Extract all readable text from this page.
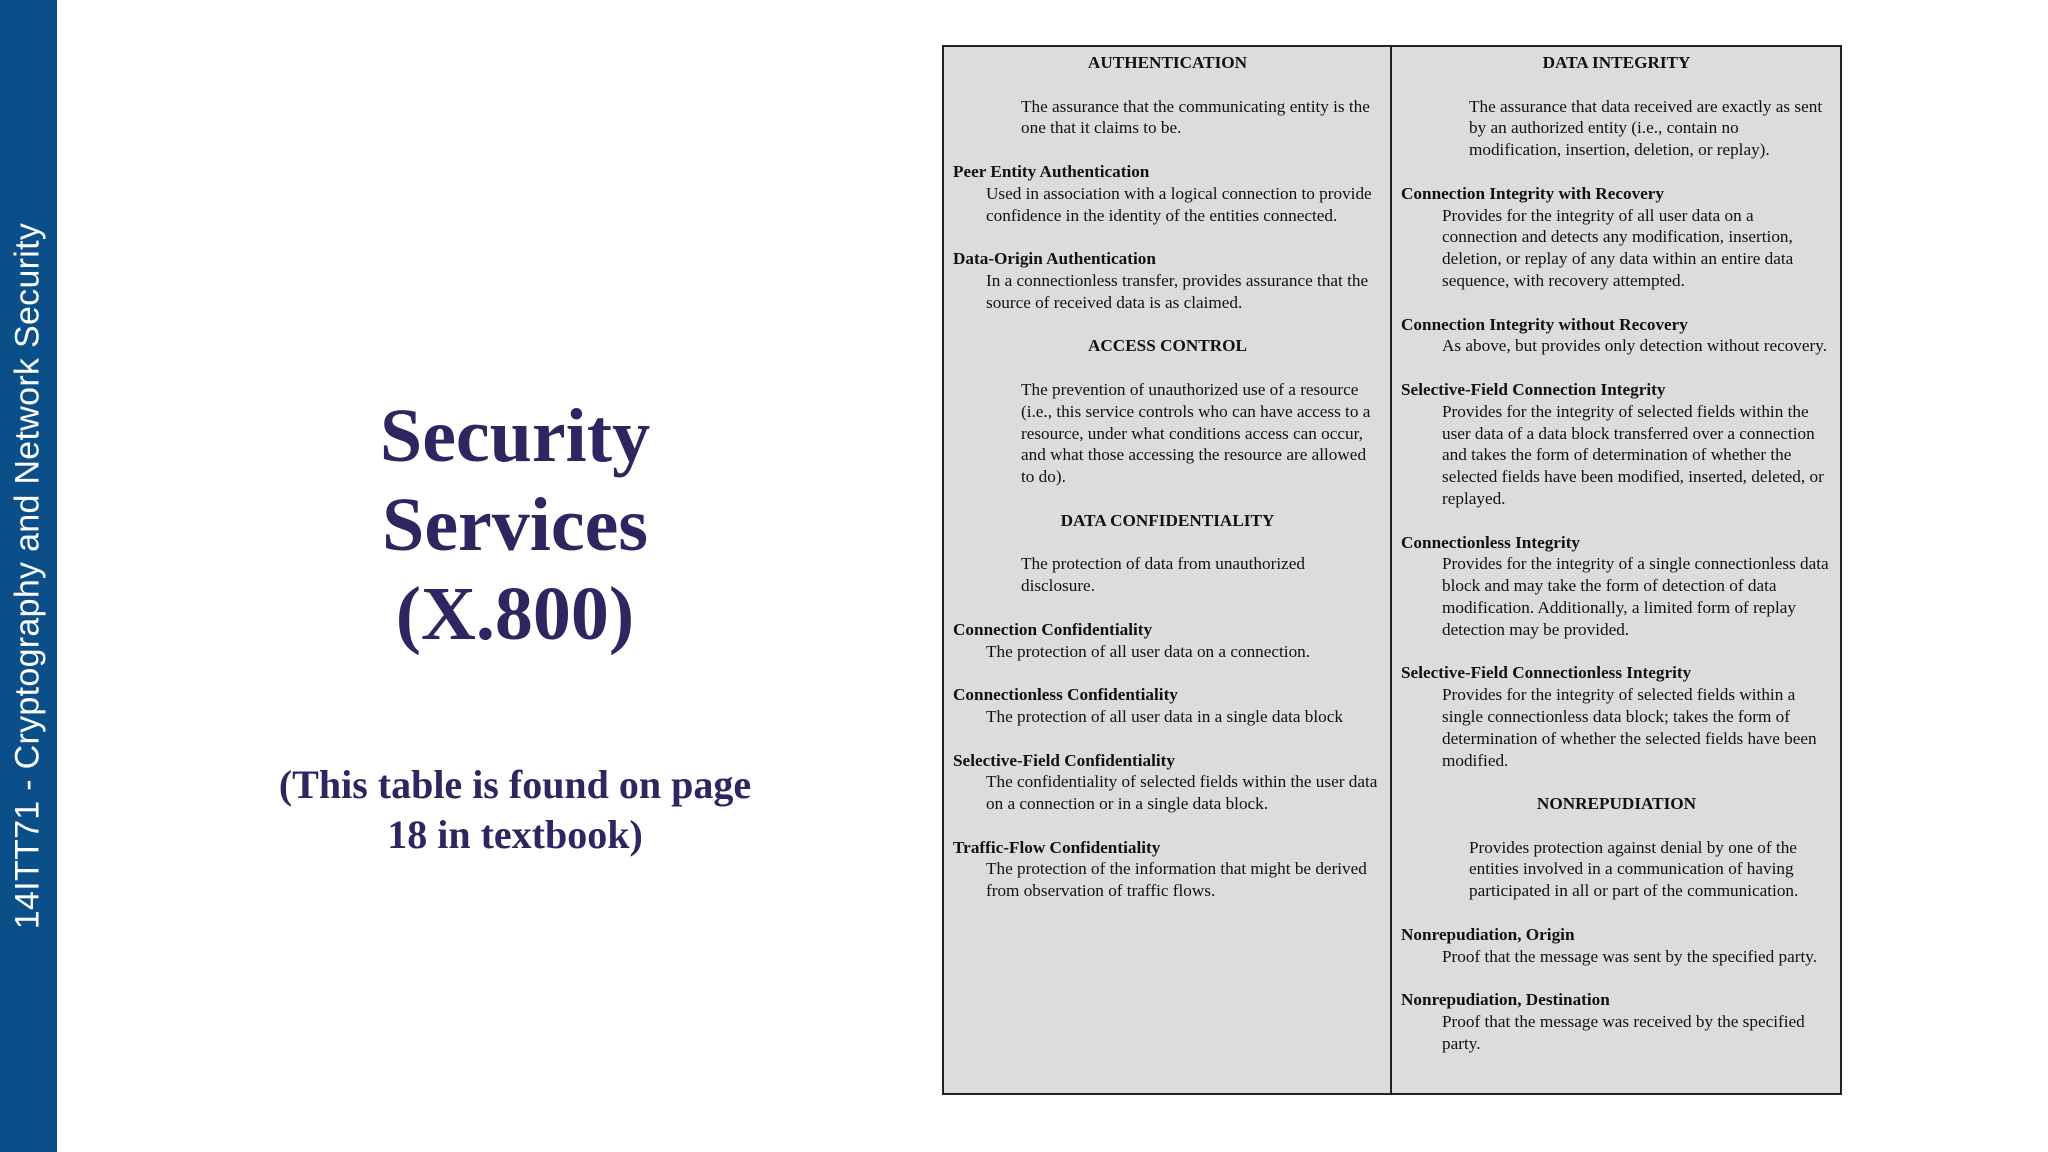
14ITT71 - Cryptography and Network Security	Security
Services
(X.800)
(This table is found on page
18 in textbook)
AUTHENTICATION
The assurance that the communicating entity is the one that it claims to be.
Peer Entity Authentication
Used in association with a logical connection to provide confidence in the identity of the entities connected.
Data-Origin Authentication
In a connectionless transfer, provides assurance that the source of received data is as claimed.
ACCESS CONTROL
The prevention of unauthorized use of a resource (i.e., this service controls who can have access to a resource, under what conditions access can occur, and what those accessing the resource are allowed to do).
DATA CONFIDENTIALITY
The protection of data from unauthorized disclosure.
Connection Confidentiality
The protection of all user data on a connection.
Connectionless Confidentiality
The protection of all user data in a single data block
Selective-Field Confidentiality
The confidentiality of selected fields within the user data on a connection or in a single data block.
Traffic-Flow Confidentiality
The protection of the information that might be derived from observation of traffic flows.
DATA INTEGRITY
The assurance that data received are exactly as sent by an authorized entity (i.e., contain no modification, insertion, deletion, or replay).
Connection Integrity with Recovery
Provides for the integrity of all user data on a connection and detects any modification, insertion, deletion, or replay of any data within an entire data sequence, with recovery attempted.
Connection Integrity without Recovery
As above, but provides only detection without recovery.
Selective-Field Connection Integrity
Provides for the integrity of selected fields within the user data of a data block transferred over a connection and takes the form of determination of whether the selected fields have been modified, inserted, deleted, or replayed.
Connectionless Integrity
Provides for the integrity of a single connectionless data block and may take the form of detection of data modification. Additionally, a limited form of replay detection may be provided.
Selective-Field Connectionless Integrity
Provides for the integrity of selected fields within a single connectionless data block; takes the form of determination of whether the selected fields have been modified.
NONREPUDIATION
Provides protection against denial by one of the entities involved in a communication of having participated in all or part of the communication.
Nonrepudiation, Origin
Proof that the message was sent by the specified party.
Nonrepudiation, Destination
Proof that the message was received by the specified party.
